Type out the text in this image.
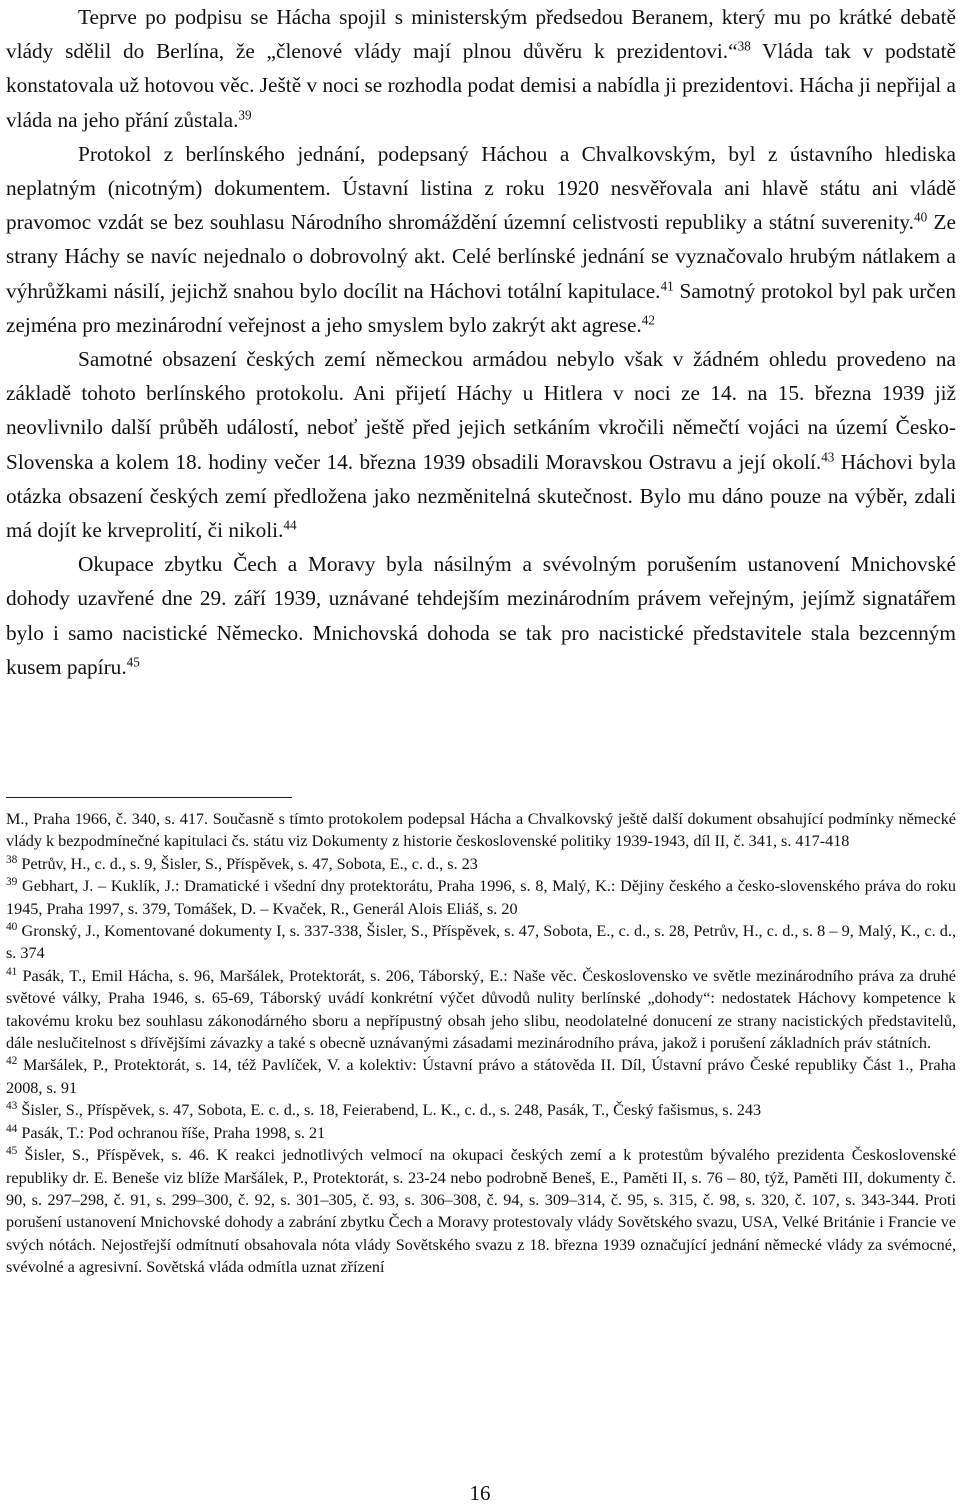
Teprve po podpisu se Hácha spojil s ministerským předsedou Beranem, který mu po krátké debatě vlády sdělil do Berlína, že „členové vlády mají plnou důvěru k prezidentovi.“$^{38}$ Vláda tak v podstatě konstatovala už hotovou věc. Ještě v noci se rozhodla podat demisi a nabídla ji prezidentovi. Hácha ji nepřijal a vláda na jeho přání zůstala.$^{39}$

Protokol z berlínského jednání, podepsaný Háchou a Chvalkovským, byl z ústavního hlediska neplatným (nicotným) dokumentem. Ústavní listina z roku 1920 nesvěřovala ani hlavě státu ani vládě pravomoc vzdát se bez souhlasu Národního shromáždění územní celistvosti republiky a státní suverenity.$^{40}$ Ze strany Háchy se navíc nejednalo o dobrovolný akt. Celé berlínské jednání se vyznačovalo hrubým nátlakem a výhrůžkami násilí, jejichž snahou bylo docílit na Háchovi totální kapitulace.$^{41}$ Samotný protokol byl pak určen zejména pro mezinárodní veřejnost a jeho smyslem bylo zakrýt akt agrese.$^{42}$

Samotné obsazení českých zemí německou armádou nebylo však v žádném ohledu provedeno na základě tohoto berlínského protokolu. Ani přijetí Háchy u Hitlera v noci ze 14. na 15. března 1939 již neovlivnilo další průběh událostí, neboť ještě před jejich setkáním vkročili němečtí vojáci na území Česko-Slovenska a kolem 18. hodiny večer 14. března 1939 obsadili Moravskou Ostravu a její okolí.$^{43}$ Háchovi byla otázka obsazení českých zemí předložena jako nezměnitelná skutečnost. Bylo mu dáno pouze na výběr, zdali má dojít ke krveprolití, či nikoli.$^{44}$

Okupace zbytku Čech a Moravy byla násilným a svévolným porušením ustanovení Mnichovské dohody uzavřené dne 29. září 1939, uznávané tehdejším mezinárodním právem veřejným, jejímž signatářem bylo i samo nacistické Německo. Mnichovská dohoda se tak pro nacistické představitele stala bezcenným kusem papíru.$^{45}$

M., Praha 1966, č. 340, s. 417. Současně s tímto protokolem podepsal Hácha a Chvalkovský ještě další dokument obsahující podmínky německé vlády k bezpodmínečné kapitulaci čs. státu viz Dokumenty z historie československé politiky 1939-1943, díl II, č. 341, s. 417-418

$^{38}$ Petrův, H., c. d., s. 9, Šisler, S., Příspěvek, s. 47, Sobota, E., c. d., s. 23

$^{39}$ Gebhart, J. – Kuklík, J.: Dramatické i všední dny protektorátu, Praha 1996, s. 8, Malý, K.: Dějiny českého a česko-slovenského práva do roku 1945, Praha 1997, s. 379, Tomášek, D. – Kvaček, R., Generál Alois Eliáš, s. 20

$^{40}$ Gronský, J., Komentované dokumenty I, s. 337-338, Šisler, S., Příspěvek, s. 47, Sobota, E., c. d., s. 28, Petrův, H., c. d., s. 8 – 9, Malý, K., c. d., s. 374

$^{41}$ Pasák, T., Emil Hácha, s. 96, Maršálek, Protektorát, s. 206, Táborský, E.: Naše věc. Československo ve světle mezinárodního práva za druhé světové války, Praha 1946, s. 65-69, Táborský uvádí konkrétní výčet důvodů nulity berlínské „dohody“: nedostatek Háchovy kompetence k takovému kroku bez souhlasu zákonodárného sboru a nepřípustný obsah jeho slibu, neodolatelné donucení ze strany nacistických představitelů, dále neslučitelnost s dřívějšími závazky a také s obecně uznávanými zásadami mezinárodního práva, jakož i porušení základních práv státních.

$^{42}$ Maršálek, P., Protektorát, s. 14, též Pavlíček, V. a kolektiv: Ústavní právo a státověda II. Díl, Ústavní právo České republiky Část 1., Praha 2008, s. 91

$^{43}$ Šisler, S., Příspěvek, s. 47, Sobota, E. c. d., s. 18, Feierabend, L. K., c. d., s. 248, Pasák, T., Český fašismus, s. 243

$^{44}$ Pasák, T.: Pod ochranou říše, Praha 1998, s. 21

$^{45}$ Šisler, S., Příspěvek, s. 46. K reakci jednotlivých velmocí na okupaci českých zemí a k protestům bývalého prezidenta Československé republiky dr. E. Beneše viz blíže Maršálek, P., Protektorát, s. 23-24 nebo podrobně Beneš, E., Paměti II, s. 76 – 80, týž, Paměti III, dokumenty č. 90, s. 297–298, č. 91, s. 299–300, č. 92, s. 301–305, č. 93, s. 306–308, č. 94, s. 309–314, č. 95, s. 315, č. 98, s. 320, č. 107, s. 343-344. Proti porušení ustanovení Mnichovské dohody a zabrání zbytku Čech a Moravy protestovaly vlády Sovětského svazu, USA, Velké Británie i Francie ve svých nótách. Nejostřejší odmítnutí obsahovala nóta vlády Sovětského svazu z 18. března 1939 označující jednání německé vlády za svémocné, svévolné a agresivní. Sovětská vláda odmítla uznat zřízení

16
